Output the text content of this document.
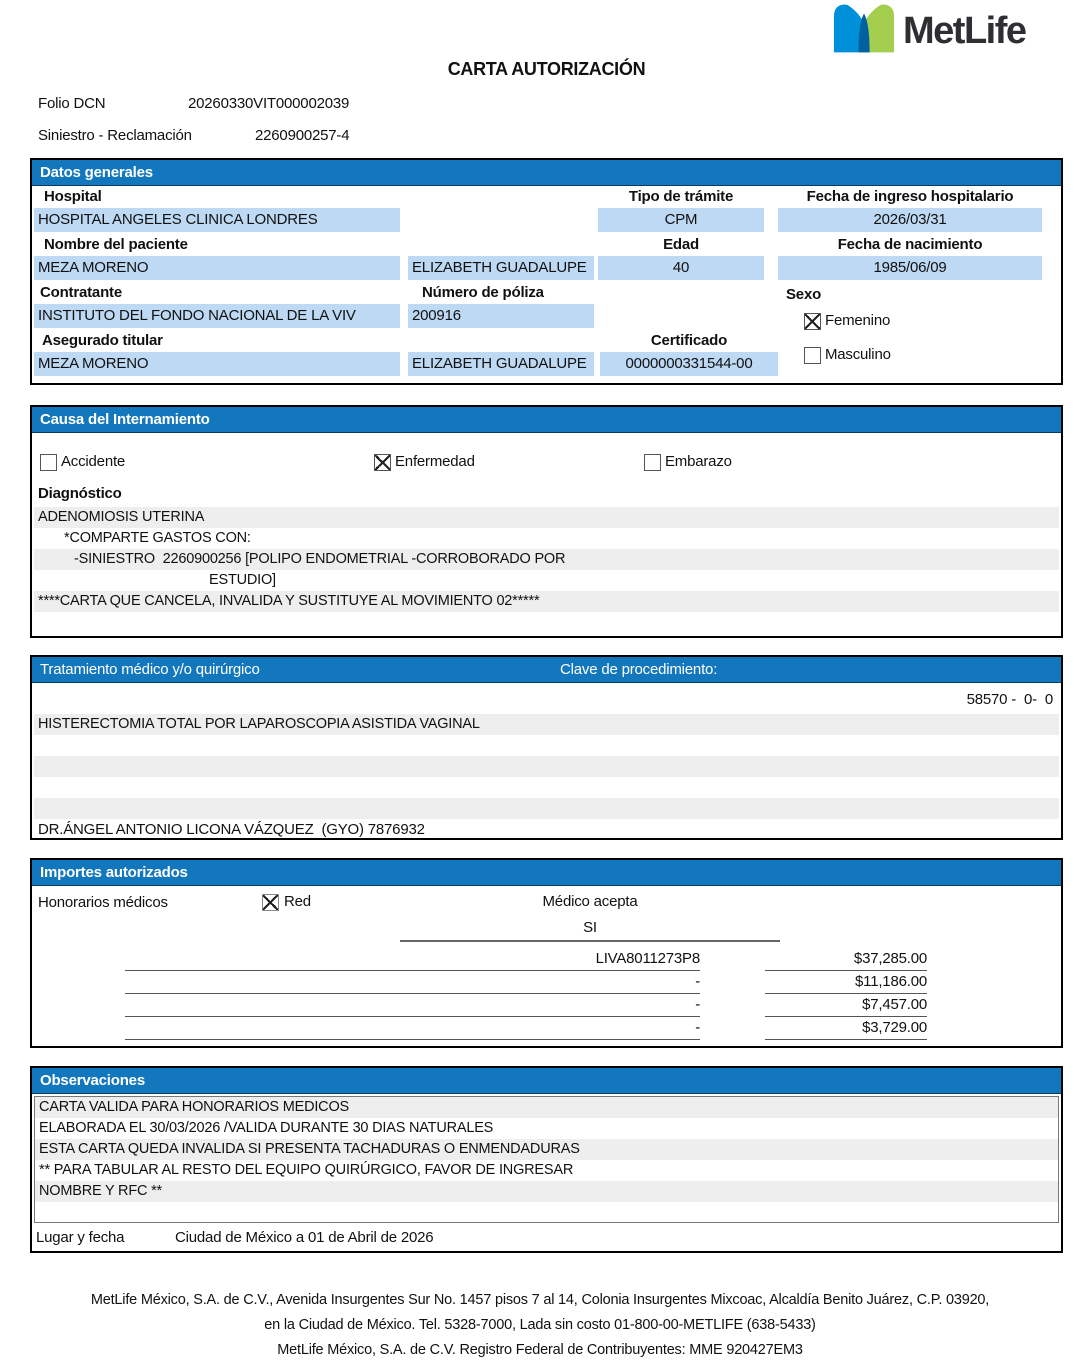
MetLife
CARTA AUTORIZACIÓN
Folio DCN	20260330VIT000002039
Siniestro - Reclamación	2260900257-4
Datos generales
Hospital	Tipo de trámite	Fecha de ingreso hospitalario
HOSPITAL ANGELES CLINICA LONDRES	CPM	2026/03/31
Nombre del paciente	Edad	Fecha de nacimiento
MEZA MORENO	ELIZABETH GUADALUPE	40	1985/06/09
Contratante	Número de póliza	Sexo
INSTITUTO DEL FONDO NACIONAL DE LA VIV	200916	Femenino
Asegurado titular	Certificado
MEZA MORENO	ELIZABETH GUADALUPE	0000000331544-00
Masculino
Causa del Internamiento
Accidente	Enfermedad	Embarazo
Diagnóstico
ADENOMIOSIS UTERINA
*COMPARTE GASTOS CON:
-SINIESTRO  2260900256 [POLIPO ENDOMETRIAL -CORROBORADO POR
ESTUDIO]
****CARTA QUE CANCELA, INVALIDA Y SUSTITUYE AL MOVIMIENTO 02*****
Tratamiento médico y/o quirúrgico	Clave de procedimiento:
58570 -  0-  0
HISTERECTOMIA TOTAL POR LAPAROSCOPIA ASISTIDA VAGINAL
DR.ÁNGEL ANTONIO LICONA VÁZQUEZ  (GYO) 7876932
Importes autorizados
Honorarios médicos	Red	Médico acepta
SI
LIVA8011273P8	$37,285.00
-	$11,186.00
-	$7,457.00
-	$3,729.00
Observaciones
CARTA VALIDA PARA HONORARIOS MEDICOS
ELABORADA EL 30/03/2026 /VALIDA DURANTE 30 DIAS NATURALES
ESTA CARTA QUEDA INVALIDA SI PRESENTA TACHADURAS O ENMENDADURAS
** PARA TABULAR AL RESTO DEL EQUIPO QUIRÚRGICO, FAVOR DE INGRESAR
NOMBRE Y RFC **
Lugar y fecha	Ciudad de México a 01 de Abril de 2026
MetLife México, S.A. de C.V., Avenida Insurgentes Sur No. 1457 pisos 7 al 14, Colonia Insurgentes Mixcoac, Alcaldía Benito Juárez, C.P. 03920,
en la Ciudad de México. Tel. 5328-7000, Lada sin costo 01-800-00-METLIFE (638-5433)
MetLife México, S.A. de C.V. Registro Federal de Contribuyentes: MME 920427EM3
